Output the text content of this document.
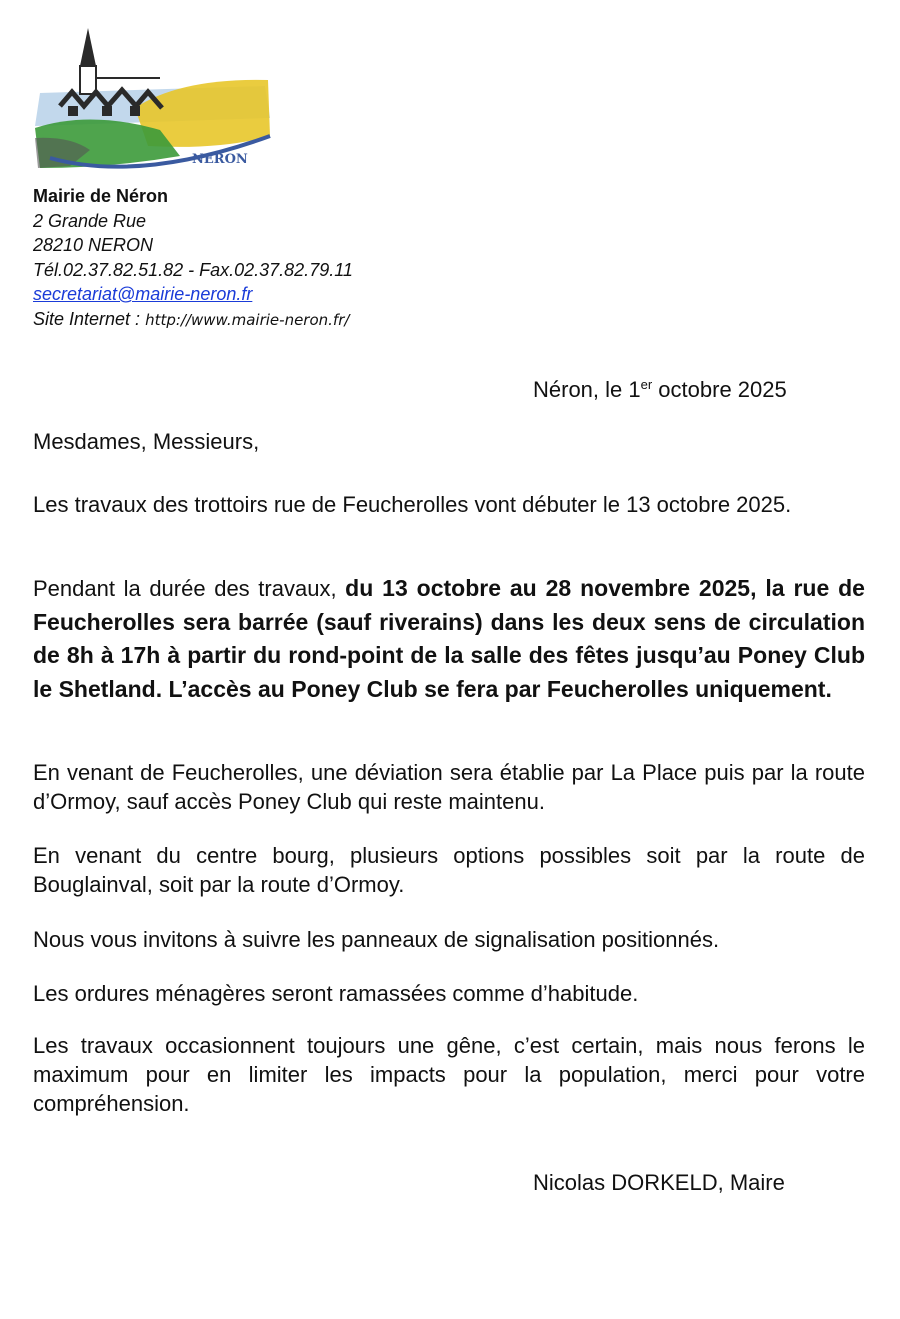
NERON
Mairie de Néron
2 Grande Rue
28210 NERON
Tél.02.37.82.51.82 - Fax.02.37.82.79.11
secretariat@mairie-neron.fr
Site Internet : http://www.mairie-neron.fr/
Néron, le 1er octobre 2025
Mesdames, Messieurs,

Les travaux des trottoirs rue de Feucherolles vont débuter le 13 octobre 2025.

Pendant la durée des travaux, du 13 octobre au 28 novembre 2025, la rue de Feucherolles sera barrée (sauf riverains) dans les deux sens de circulation de 8h à 17h à partir du rond-point de la salle des fêtes jusqu’au Poney Club le Shetland. L’accès au Poney Club se fera par Feucherolles uniquement.

En venant de Feucherolles, une déviation sera établie par La Place puis par la route d’Ormoy, sauf accès Poney Club qui reste maintenu.

En venant du centre bourg, plusieurs options possibles soit par la route de Bouglainval, soit par la route d’Ormoy.

Nous vous invitons à suivre les panneaux de signalisation positionnés.

Les ordures ménagères seront ramassées comme d’habitude.

Les travaux occasionnent toujours une gêne, c’est certain, mais nous ferons le maximum pour en limiter les impacts pour la population, merci pour votre compréhension.

Nicolas DORKELD, Maire
